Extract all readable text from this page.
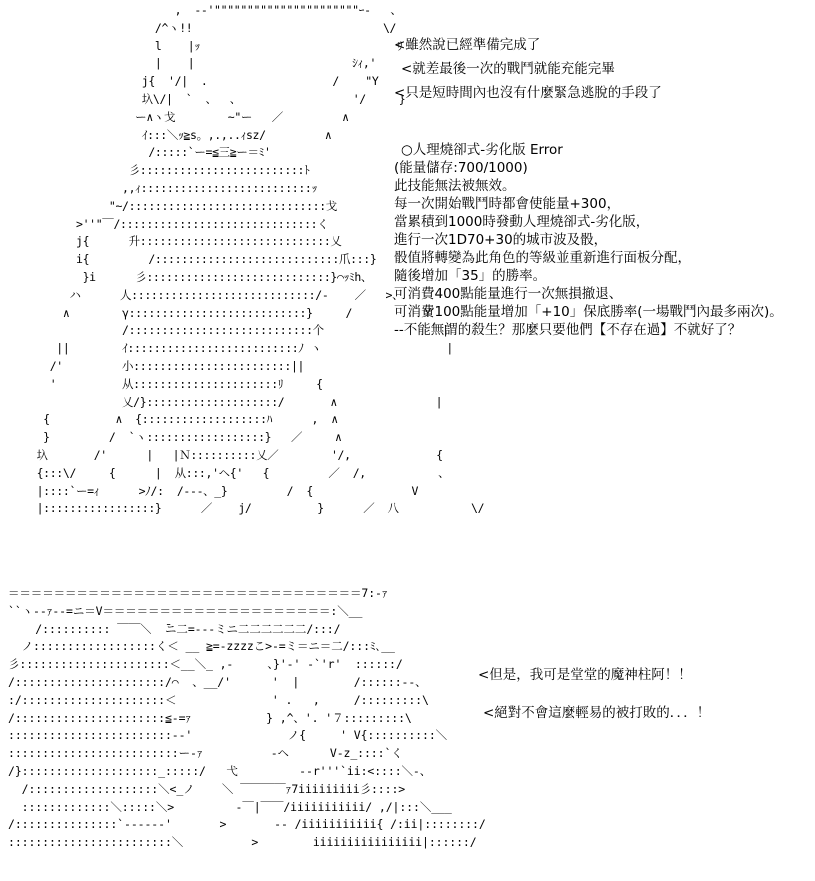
,  -‐'""""""""""""""""""""""ｰ-   、
/^ヽ!!                             \/
l    |ｯ                              ﾘ
|    |                        ｼｨ,'
j{  '/|  .                   /    "Y
圦\/|  `  、  、                 '/     }
ー∧ヽ戈        ~"ー   ／         ∧
ｲ:::＼ｯ≧s。,.,..ｨsz/         ∧
/:::::`ー=≦三≧ー＝ﾐ'
彡:::::::::::::::::::::::::ﾄ
,,ｨ::::::::::::::::::::::::::ｯ
"~/::::::::::::::::::::::::::::::戈
>''"￣/::::::::::::::::::::::::::::::く
j{      升:::::::::::::::::::::::::::::乂
i{         /::::::::::::::::::::::::::::爪:::}
}i      彡::::::::::::::::::::::::::::}⌒ｯﾐh、
ハ      人::::::::::::::::::::::::::::/-    ／   >、
∧        γ:::::::::::::::::::::::::::}     /           Y
/::::::::::::::::::::::::::::个                  |
||        ｲ::::::::::::::::::::::::::ﾉ ヽ                   |
/'         小::::::::::::::::::::::::||
'          从::::::::::::::::::::::ﾘ     {
乂/}::::::::::::::::::::/       ∧               |
{          ∧  {:::::::::::::::::::ﾊ      ,  ∧
}         /  `ヽ::::::::::::::::::}   ／     ∧
圦       /'      |   |Ｎ::::::::::乂／        '/,             {
{:::\/     {      |  从:::,'ヘ{'   {         ／  /,           、
|::::`ー=ｨ      >ﾉ/:  /‐‐-、_}         /  {               V
|:::::::::::::::::}      ／    j/          }      ／  八           \/
<雖然說已經準備完成了
<就差最後一次的戰鬥就能充能完畢
<只是短時間內也沒有什麼緊急逃脫的手段了
○人理燒卻式-劣化版 Error
(能量儲存:700/1000)
此技能無法被無效。
每一次開始戰鬥時都會使能量+300，
當累積到1000時發動人理燒卻式-劣化版，
進行一次1D70+30的城市波及骰，
骰值將轉變為此角色的等級並重新進行面板分配，
隨後增加「35」的勝率。
可消費400點能量進行一次無損撤退、
可消費100點能量增加「+10」保底勝率(一場戰鬥內最多兩次)。
--不能無謂的殺生？那麼只要他們【不存在過】不就好了？
＝＝＝＝＝＝＝＝＝＝＝＝＝＝＝＝＝＝＝＝＝＝＝＝＝＝＝＝＝＝＝7:-ｧ
``ヽ--ｧ-‐=ニ＝V＝＝＝＝＝＝＝＝＝＝＝＝＝＝＝＝＝＝＝＝:＼__
/:::::::::: ￣￣＼  ̄ニ二=‐--ミニ二二二二二二/:::/
ノ::::::::::::::::::く＜ __ ≧=-zzzzこ>-=ミ＝ニ＝二/:::ﾐ､__
彡::::::::::::::::::::::＜__＼_ ,-     、}'-' -`'r'  ::::::/
/::::::::::::::::::::::/⌒  、__/'      '  |        /::::::‐-、
:/:::::::::::::::::::::＜              ' .   ,     /:::::::::\
/::::::::::::::::::::::≦‐=ｧ           } ,^、'. '７:::::::::\
::::::::::::::::::::::::‐-'              ノ{     ' V{::::::::::＼
:::::::::::::::::::::::::ー-ｧ          -ヘ      V-z_::::`く
/}::::::::::::::::::::_:::::/   弋         ‐-r'''`ii:<::::＼‐、
/:::::::::::::::::::＼<_ノ    ＼ ￣￣￣￣ｧ7iiiiiiiii彡::::>
:::::::::::::＼:::::＼>         ‐￣|￣￣/iiiiiiiiiii/ ,/|:::＼___
/:::::::::::::::`‐-----'       >       ‐‐ /iiiiiiiiiii{ /:ii|::::::::/
::::::::::::::::::::::::＼          >        iiiiiiiiiiiiiiii|::::::/
<但是，我可是堂堂的魔神柱阿！！
<絕對不會這麼輕易的被打敗的．．．！
